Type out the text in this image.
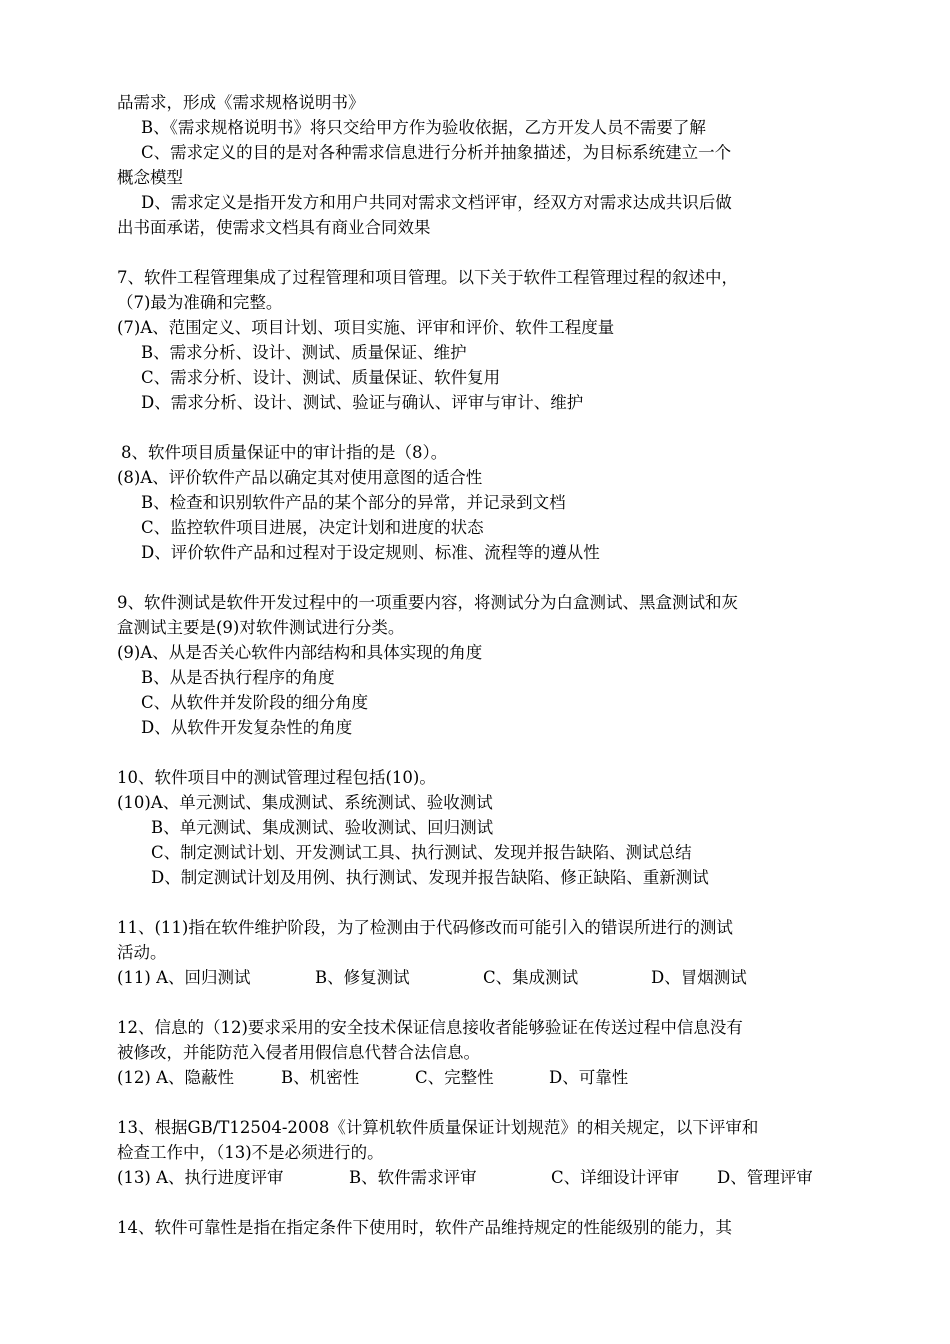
品需求，形成《需求规格说明书》
B、《需求规格说明书》将只交给甲方作为验收依据，乙方开发人员不需要了解
C、需求定义的目的是对各种需求信息进行分析并抽象描述，为目标系统建立一个
概念模型
D、需求定义是指开发方和用户共同对需求文档评审，经双方对需求达成共识后做
出书面承诺，使需求文档具有商业合同效果
7、软件工程管理集成了过程管理和项目管理。以下关于软件工程管理过程的叙述中，
（7)最为准确和完整。
(7)A、范围定义、项目计划、项目实施、评审和评价、软件工程度量
B、需求分析、设计、测试、质量保证、维护
C、需求分析、设计、测试、质量保证、软件复用
D、需求分析、设计、测试、验证与确认、评审与审计、维护
8、软件项目质量保证中的审计指的是（8）。
(8)A、评价软件产品以确定其对使用意图的适合性
B、检查和识别软件产品的某个部分的异常，并记录到文档
C、监控软件项目进展，决定计划和进度的状态
D、评价软件产品和过程对于设定规则、标准、流程等的遵从性
9、软件测试是软件开发过程中的一项重要内容，将测试分为白盒测试、黑盒测试和灰
盒测试主要是(9)对软件测试进行分类。
(9)A、从是否关心软件内部结构和具体实现的角度
B、从是否执行程序的角度
C、从软件并发阶段的细分角度
D、从软件开发复杂性的角度
10、软件项目中的测试管理过程包括(10)。
(10)A、单元测试、集成测试、系统测试、验收测试
B、单元测试、集成测试、验收测试、回归测试
C、制定测试计划、开发测试工具、执行测试、发现并报告缺陷、测试总结
D、制定测试计划及用例、执行测试、发现并报告缺陷、修正缺陷、重新测试
11、(11)指在软件维护阶段，为了检测由于代码修改而可能引入的错误所进行的测试
活动。
(11) A、回归测试	B、修复测试	C、集成测试	D、冒烟测试
12、信息的（12)要求采用的安全技术保证信息接收者能够验证在传送过程中信息没有
被修改，并能防范入侵者用假信息代替合法信息。
(12) A、隐蔽性	B、机密性	C、完整性	D、可靠性
13、根据GB/T12504-2008《计算机软件质量保证计划规范》的相关规定，以下评审和
检查工作中，（13)不是必须进行的。
(13) A、执行进度评审	B、软件需求评审	C、详细设计评审	D、管理评审
14、软件可靠性是指在指定条件下使用时，软件产品维持规定的性能级别的能力，其
